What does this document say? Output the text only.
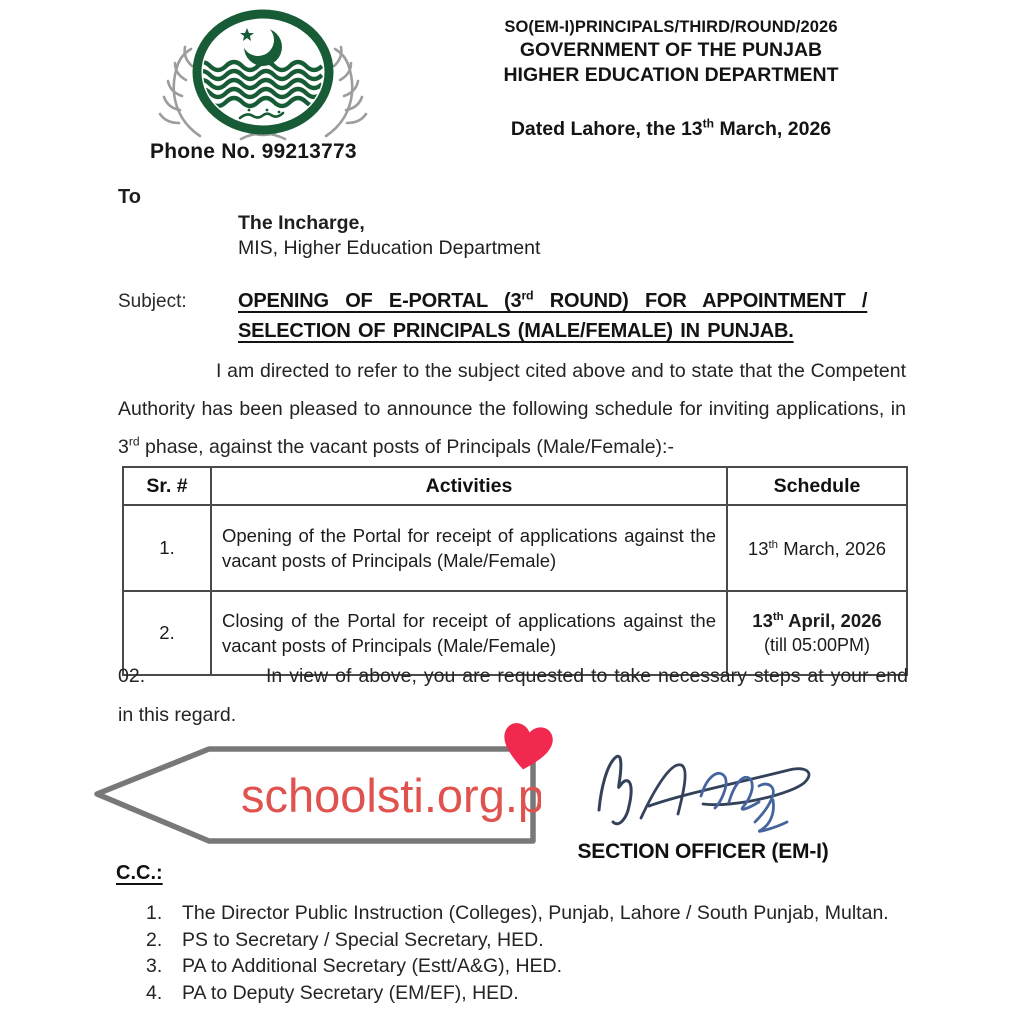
Phone No. 99213773
SO(EM-I)PRINCIPALS/THIRD/ROUND/2026
GOVERNMENT OF THE PUNJAB
HIGHER EDUCATION DEPARTMENT
Dated Lahore, the 13th March, 2026
To
The Incharge,
MIS, Higher Education Department
Subject:	OPENING OF E-PORTAL (3rd ROUND) FOR APPOINTMENT /
SELECTION OF PRINCIPALS (MALE/FEMALE) IN PUNJAB.
I am directed to refer to the subject cited above and to state that the Competent Authority has been pleased to announce the following schedule for inviting applications, in 3rd phase, against the vacant posts of Principals (Male/Female):-
Sr. #	Activities	Schedule
1.	Opening of the Portal for receipt of applications against the vacant posts of Principals (Male/Female)	13th March, 2026
2.	Closing of the Portal for receipt of applications against the vacant posts of Principals (Male/Female)	13th April, 2026
(till 05:00PM)
02.	In view of above, you are requested to take necessary steps at your end in this regard.
schoolsti.org.pk
SECTION OFFICER (EM-I)
C.C.:
1.	The Director Public Instruction (Colleges), Punjab, Lahore / South Punjab, Multan.
2.	PS to Secretary / Special Secretary, HED.
3.	PA to Additional Secretary (Estt/A&G), HED.
4.	PA to Deputy Secretary (EM/EF), HED.
